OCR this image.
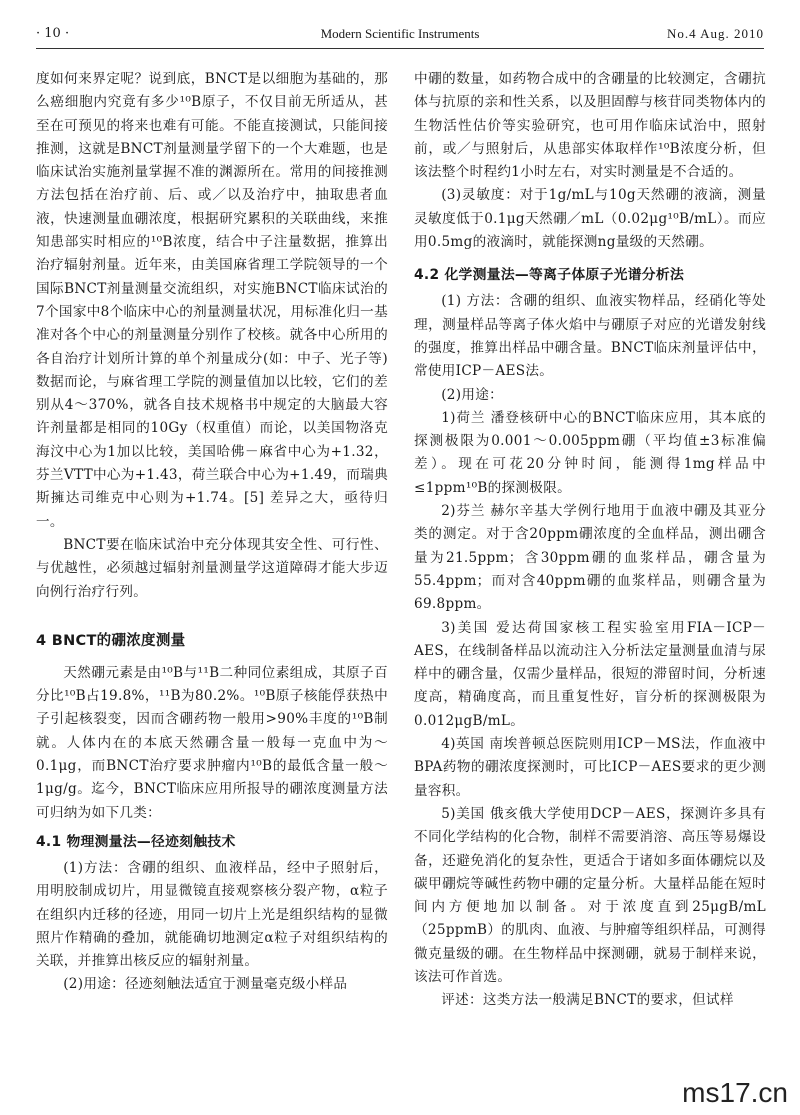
· 10 ·	Modern Scientific Instruments	No.4 Aug. 2010

度如何来界定呢？说到底，BNCT是以细胞为基础的，那么癌细胞内究竟有多少¹⁰B原子，不仅目前无所适从，甚至在可预见的将来也难有可能。不能直接测试，只能间接推测，这就是BNCT剂量测量学留下的一个大难题，也是临床试治实施剂量掌握不准的渊源所在。常用的间接推测方法包括在治疗前、后、或／以及治疗中，抽取患者血液，快速测量血硼浓度，根据研究累积的关联曲线，来推知患部实时相应的¹⁰B浓度，结合中子注量数据，推算出治疗辐射剂量。近年来，由美国麻省理工学院领导的一个国际BNCT剂量测量交流组织，对实施BNCT临床试治的7个国家中8个临床中心的剂量测量状况，用标准化归一基准对各个中心的剂量测量分别作了校核。就各中心所用的各自治疗计划所计算的单个剂量成分(如：中子、光子等)数据而论，与麻省理工学院的测量值加以比较，它们的差别从4～370%，就各自技术规格书中规定的大脑最大容许剂量都是相同的10Gy（权重值）而论，以美国物洛克海汶中心为1加以比较，美国哈佛－麻省中心为+1.32，芬兰VTT中心为+1.43，荷兰联合中心为+1.49，而瑞典斯擁达司维克中心则为+1.74。[5] 差异之大，亟待归一。

BNCT要在临床试治中充分体现其安全性、可行性、与优越性，必须越过辐射剂量测量学这道障碍才能大步迈向例行治疗行列。

4 BNCT的硼浓度测量

天然硼元素是由¹⁰B与¹¹B二种同位素组成，其原子百分比¹⁰B占19.8%，¹¹B为80.2%。¹⁰B原子核能俘获热中子引起核裂变，因而含硼药物一般用>90%丰度的¹⁰B制就。人体内在的本底天然硼含量一般每一克血中为～0.1μg，而BNCT治疗要求肿瘤内¹⁰B的最低含量一般～1μg/g。迄今，BNCT临床应用所报导的硼浓度测量方法可归纳为如下几类：

4.1 物理测量法—径迹刻触技术

(1)方法：含硼的组织、血液样品，经中子照射后，用明胶制成切片，用显微镜直接观察核分裂产物，α粒子在组织内迁移的径迹，用同一切片上光是组织结构的显微照片作精确的叠加，就能确切地测定α粒子对组织结构的关联，并推算出核反应的辐射剂量。

(2)用途：径迹刻触法适宜于测量毫克级小样品

中硼的数量，如药物合成中的含硼量的比较测定，含硼抗体与抗原的亲和性关系，以及胆固醇与核苷同类物体内的生物活性估价等实验研究，也可用作临床试治中，照射前，或／与照射后，从患部实体取样作¹⁰B浓度分析，但该法整个时程约1小时左右，对实时测量是不合适的。

(3)灵敏度：对于1g/mL与10g天然硼的液滴，测量灵敏度低于0.1μg天然硼／mL（0.02μg¹⁰B/mL）。而应用0.5mg的液滴时，就能探测ng量级的天然硼。

4.2 化学测量法—等离子体原子光谱分析法

(1) 方法：含硼的组织、血液实物样品，经硝化等处理，测量样品等离子体火焰中与硼原子对应的光谱发射线的强度，推算出样品中硼含量。BNCT临床剂量评估中，常使用ICP－AES法。

(2)用途：

1)荷兰 潘登核研中心的BNCT临床应用，其本底的探测极限为0.001～0.005ppm硼（平均值±3标准偏差）。现在可花20分钟时间，能测得1mg样品中≤1ppm¹⁰B的探测极限。

2)芬兰 赫尔辛基大学例行地用于血液中硼及其亚分类的测定。对于含20ppm硼浓度的全血样品，测出硼含量为21.5ppm；含30ppm硼的血浆样品，硼含量为55.4ppm；而对含40ppm硼的血浆样品，则硼含量为69.8ppm。

3)美国 爱达荷国家核工程实验室用FIA－ICP－AES，在线制备样品以流动注入分析法定量测量血清与尿样中的硼含量，仅需少量样品，很短的滞留时间，分析速度高，精确度高，而且重复性好，盲分析的探测极限为0.012μgB/mL。

4)英国 南埃普顿总医院则用ICP－MS法，作血液中BPA药物的硼浓度探测时，可比ICP－AES要求的更少测量容积。

5)美国 俄亥俄大学使用DCP－AES，探测许多具有不同化学结构的化合物，制样不需要消溶、高压等易爆设备，还避免消化的复杂性，更适合于诸如多面体硼烷以及碳甲硼烷等碱性药物中硼的定量分析。大量样品能在短时间内方便地加以制备。对于浓度直到25μgB/mL（25ppmB）的肌肉、血液、与肿瘤等组织样品，可测得微克量级的硼。在生物样品中探测硼，就易于制样来说，该法可作首选。

评述：这类方法一般满足BNCT的要求，但试样

ms17.cn
